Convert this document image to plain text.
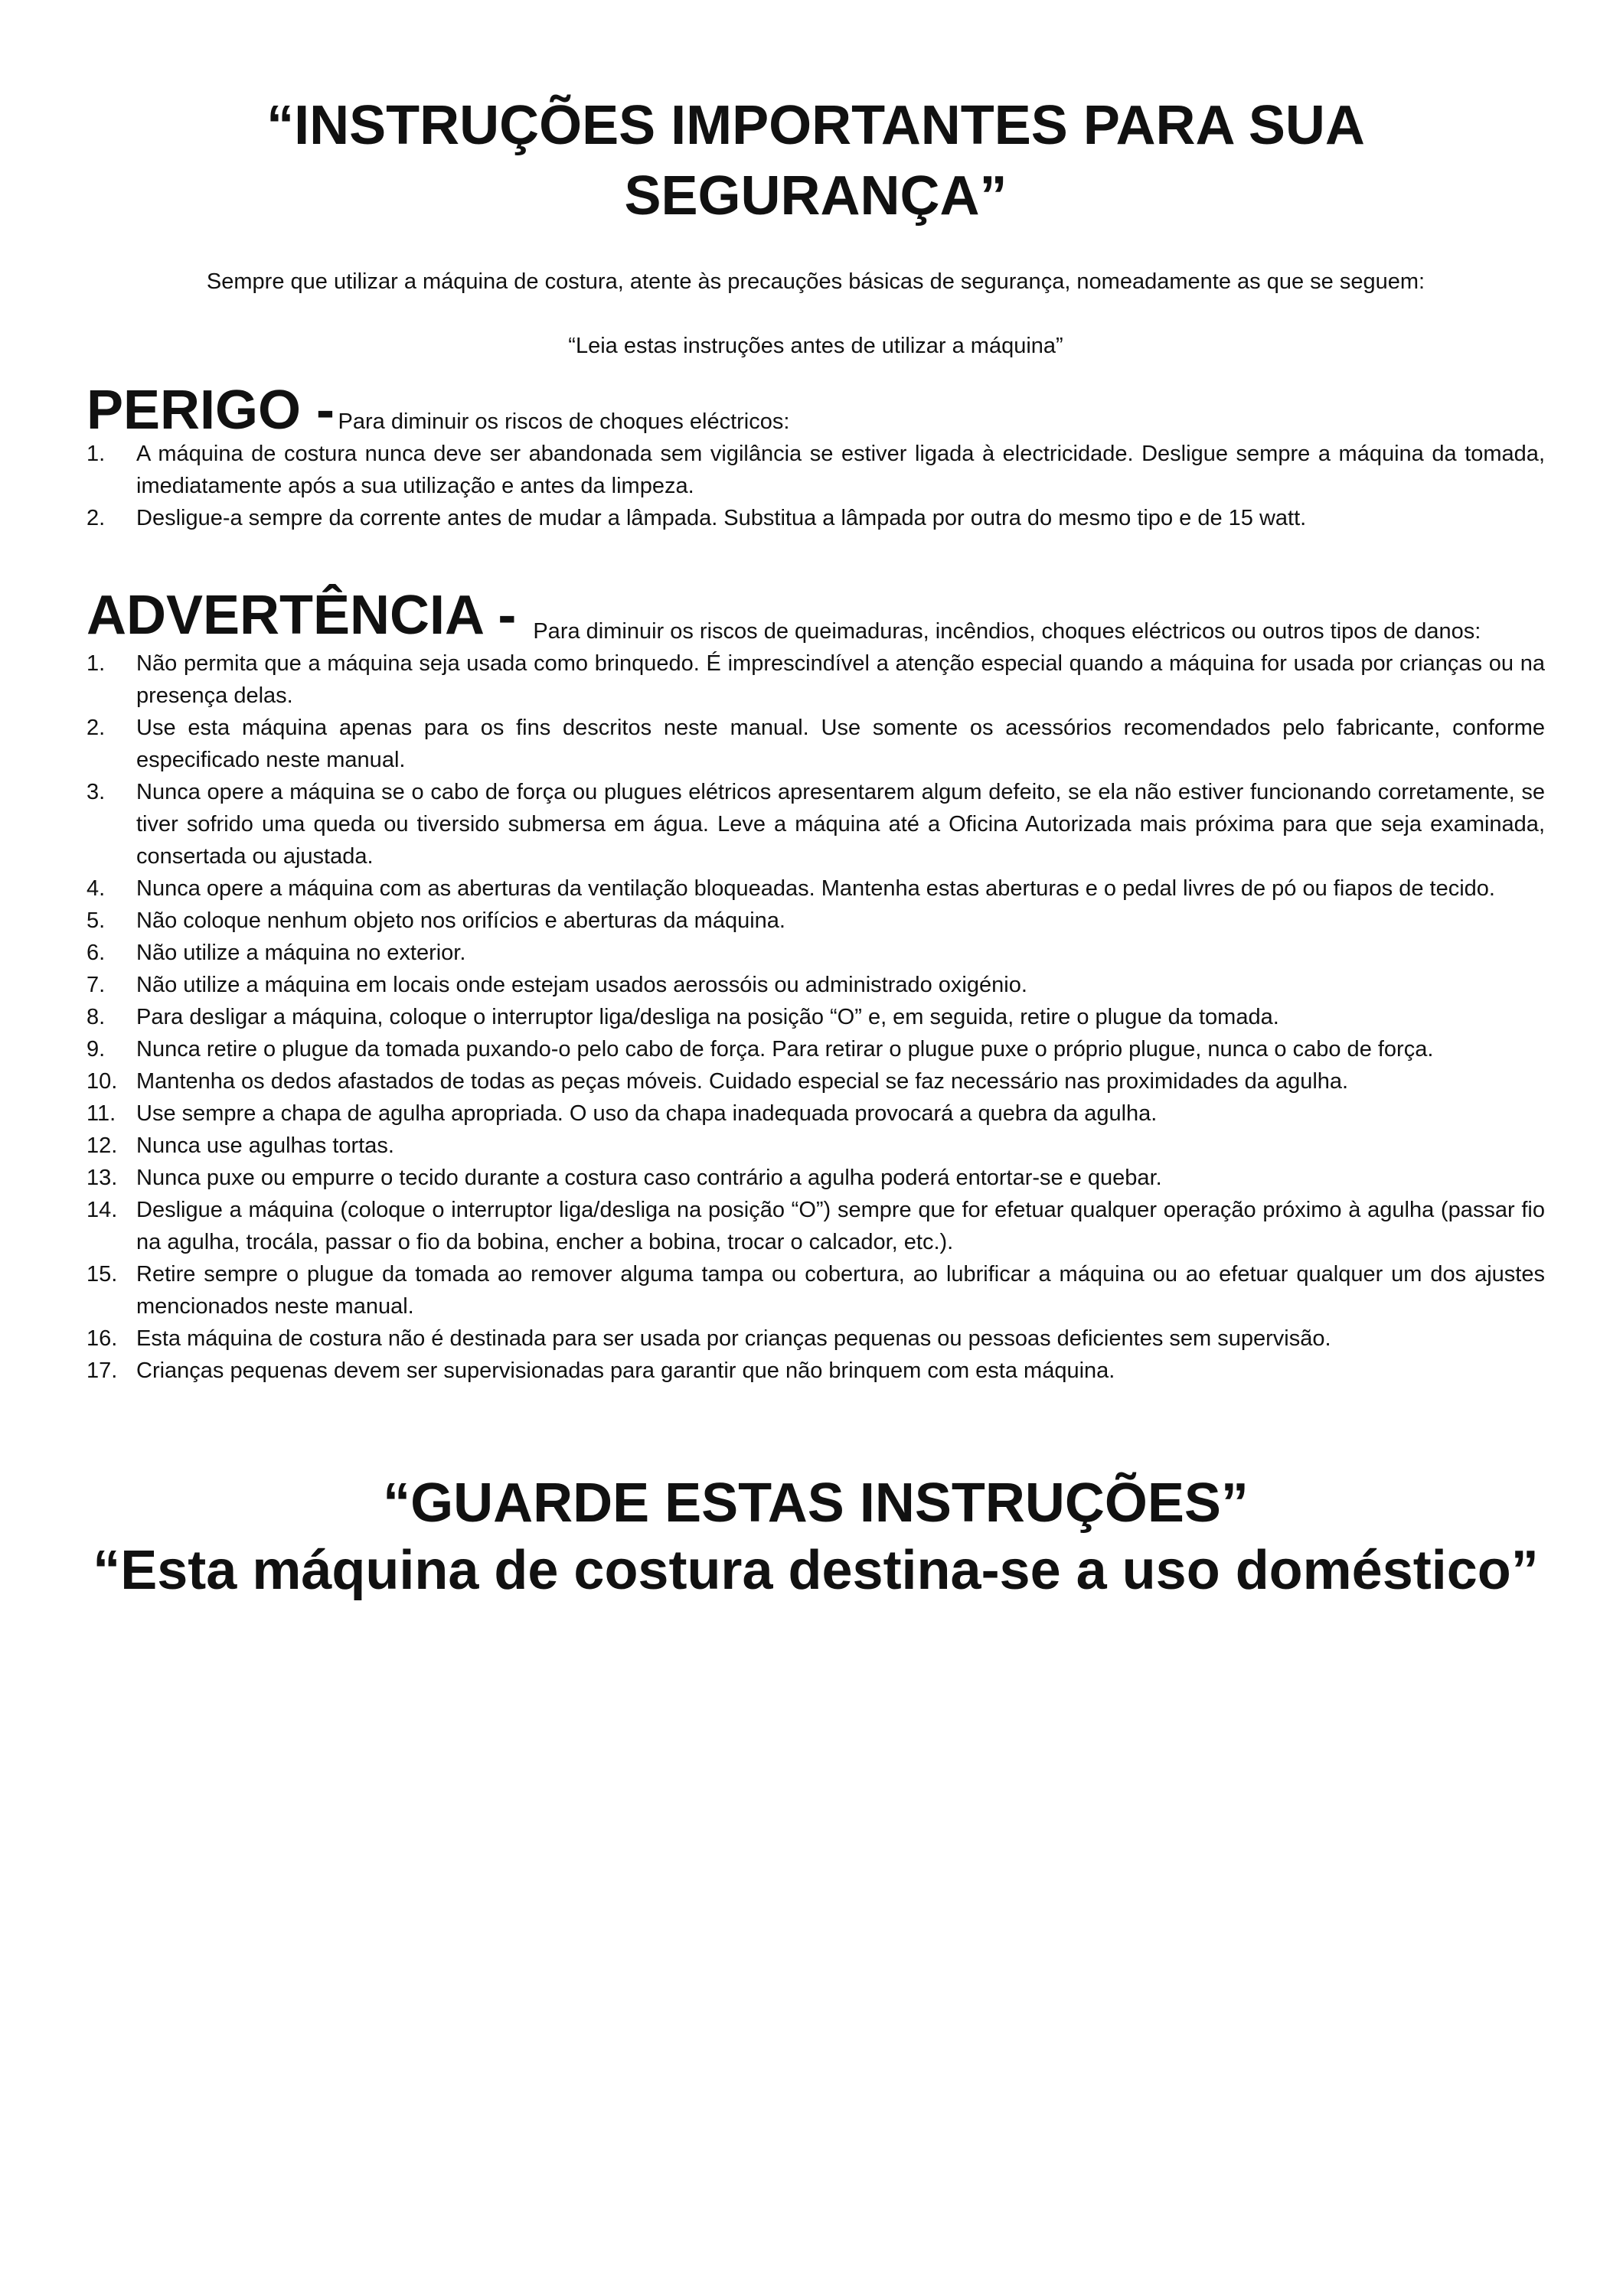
“INSTRUÇÕES IMPORTANTES PARA SUA
SEGURANÇA”

Sempre que utilizar a máquina de costura, atente às precauções básicas de segurança, nomeadamente as que se seguem:

“Leia estas instruções antes de utilizar a máquina”

PERIGO - Para diminuir os riscos de choques eléctricos:
1. A máquina de costura nunca deve ser abandonada sem vigilância se estiver ligada à electricidade. Desligue sempre a máquina da tomada, imediatamente após a sua utilização e antes da limpeza.
2. Desligue-a sempre da corrente antes de mudar a lâmpada. Substitua a lâmpada por outra do mesmo tipo e de 15 watt.
ADVERTÊNCIA - Para diminuir os riscos de queimaduras, incêndios, choques eléctricos ou outros tipos de danos:
1. Não permita que a máquina seja usada como brinquedo. É imprescindível a atenção especial quando a máquina for usada por crianças ou na presença delas.
2. Use esta máquina apenas para os fins descritos neste manual. Use somente os acessórios recomendados pelo fabricante, conforme especificado neste manual.
3. Nunca opere a máquina se o cabo de força ou plugues elétricos apresentarem algum defeito, se ela não estiver funcionando corretamente, se tiver sofrido uma queda ou tiversido submersa em água. Leve a máquina até a Oficina Autorizada mais próxima para que seja examinada, consertada ou ajustada.
4. Nunca opere a máquina com as aberturas da ventilação bloqueadas. Mantenha estas aberturas e o pedal livres de pó ou fiapos de tecido.
5. Não coloque nenhum objeto nos orifícios e aberturas da máquina.
6. Não utilize a máquina no exterior.
7. Não utilize a máquina em locais onde estejam usados aerossóis ou administrado oxigénio.
8. Para desligar a máquina, coloque o interruptor liga/desliga na posição “O” e, em seguida, retire o plugue da tomada.
9. Nunca retire o plugue da tomada puxando-o pelo cabo de força. Para retirar o plugue puxe o próprio plugue, nunca o cabo de força.
10. Mantenha os dedos afastados de todas as peças móveis. Cuidado especial se faz necessário nas proximidades da agulha.
11. Use sempre a chapa de agulha apropriada. O uso da chapa inadequada provocará a quebra da agulha.
12. Nunca use agulhas tortas.
13. Nunca puxe ou empurre o tecido durante a costura caso contrário a agulha poderá entortar-se e quebar.
14. Desligue a máquina (coloque o interruptor liga/desliga na posição “O”) sempre que for efetuar qualquer operação próximo à agulha (passar fio na agulha, trocála, passar o fio da bobina, encher a bobina, trocar o calcador, etc.).
15. Retire sempre o plugue da tomada ao remover alguma tampa ou cobertura, ao lubrificar a máquina ou ao efetuar qualquer um dos ajustes mencionados neste manual.
16. Esta máquina de costura não é destinada para ser usada por crianças pequenas ou pessoas deficientes sem supervisão.
17. Crianças pequenas devem ser supervisionadas para garantir que não brinquem com esta máquina.

“GUARDE ESTAS INSTRUÇÕES”

“Esta máquina de costura destina-se a uso doméstico”
